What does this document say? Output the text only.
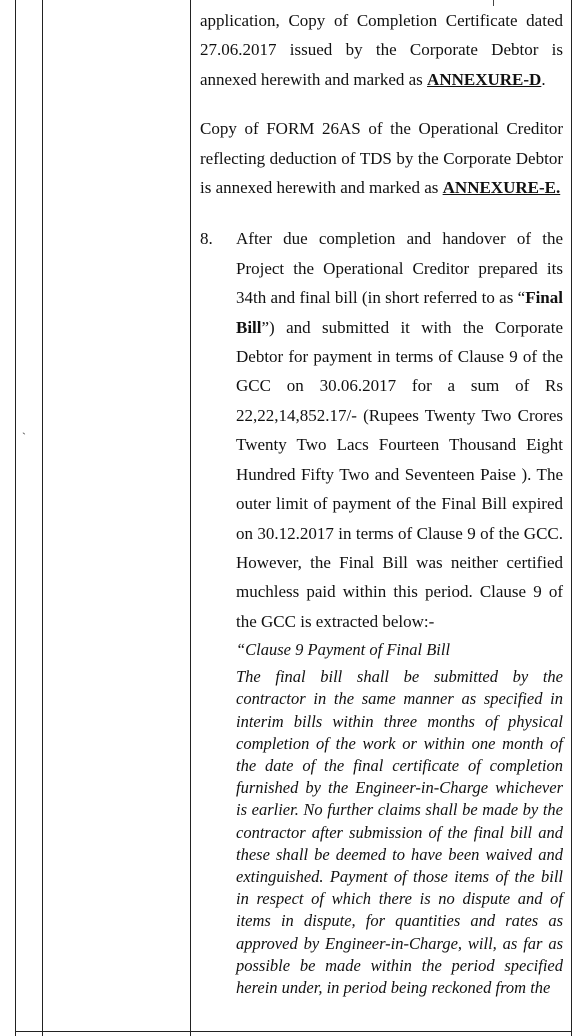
`

application, Copy of Completion Certificate dated 27.06.2017 issued by the Corporate Debtor is annexed herewith and marked as ANNEXURE-D.

Copy of FORM 26AS of the Operational Creditor reflecting deduction of TDS by the Corporate Debtor is annexed herewith and marked as ANNEXURE-E.

8.	After due completion and handover of the Project the Operational Creditor prepared its 34th and final bill (in short referred to as “Final Bill”) and submitted it with the Corporate Debtor for payment in terms of Clause 9 of the GCC on 30.06.2017 for a sum of Rs 22,22,14,852.17/- (Rupees Twenty Two Crores Twenty Two Lacs Fourteen Thousand Eight Hundred Fifty Two and Seventeen Paise ). The outer limit of payment of the Final Bill expired on 30.12.2017 in terms of Clause 9 of the GCC. However, the Final Bill was neither certified muchless paid within this period. Clause 9 of the GCC is extracted below:-

“Clause 9 Payment of Final Bill

The final bill shall be submitted by the contractor in the same manner as specified in interim bills within three months of physical completion of the work or within one month of the date of the final certificate of completion furnished by the Engineer-in-Charge whichever is earlier. No further claims shall be made by the contractor after submission of the final bill and these shall be deemed to have been waived and extinguished. Payment of those items of the bill in respect of which there is no dispute and of items in dispute, for quantities and rates as approved by Engineer-in-Charge, will, as far as possible be made within the period specified herein under, in period being reckoned from the
